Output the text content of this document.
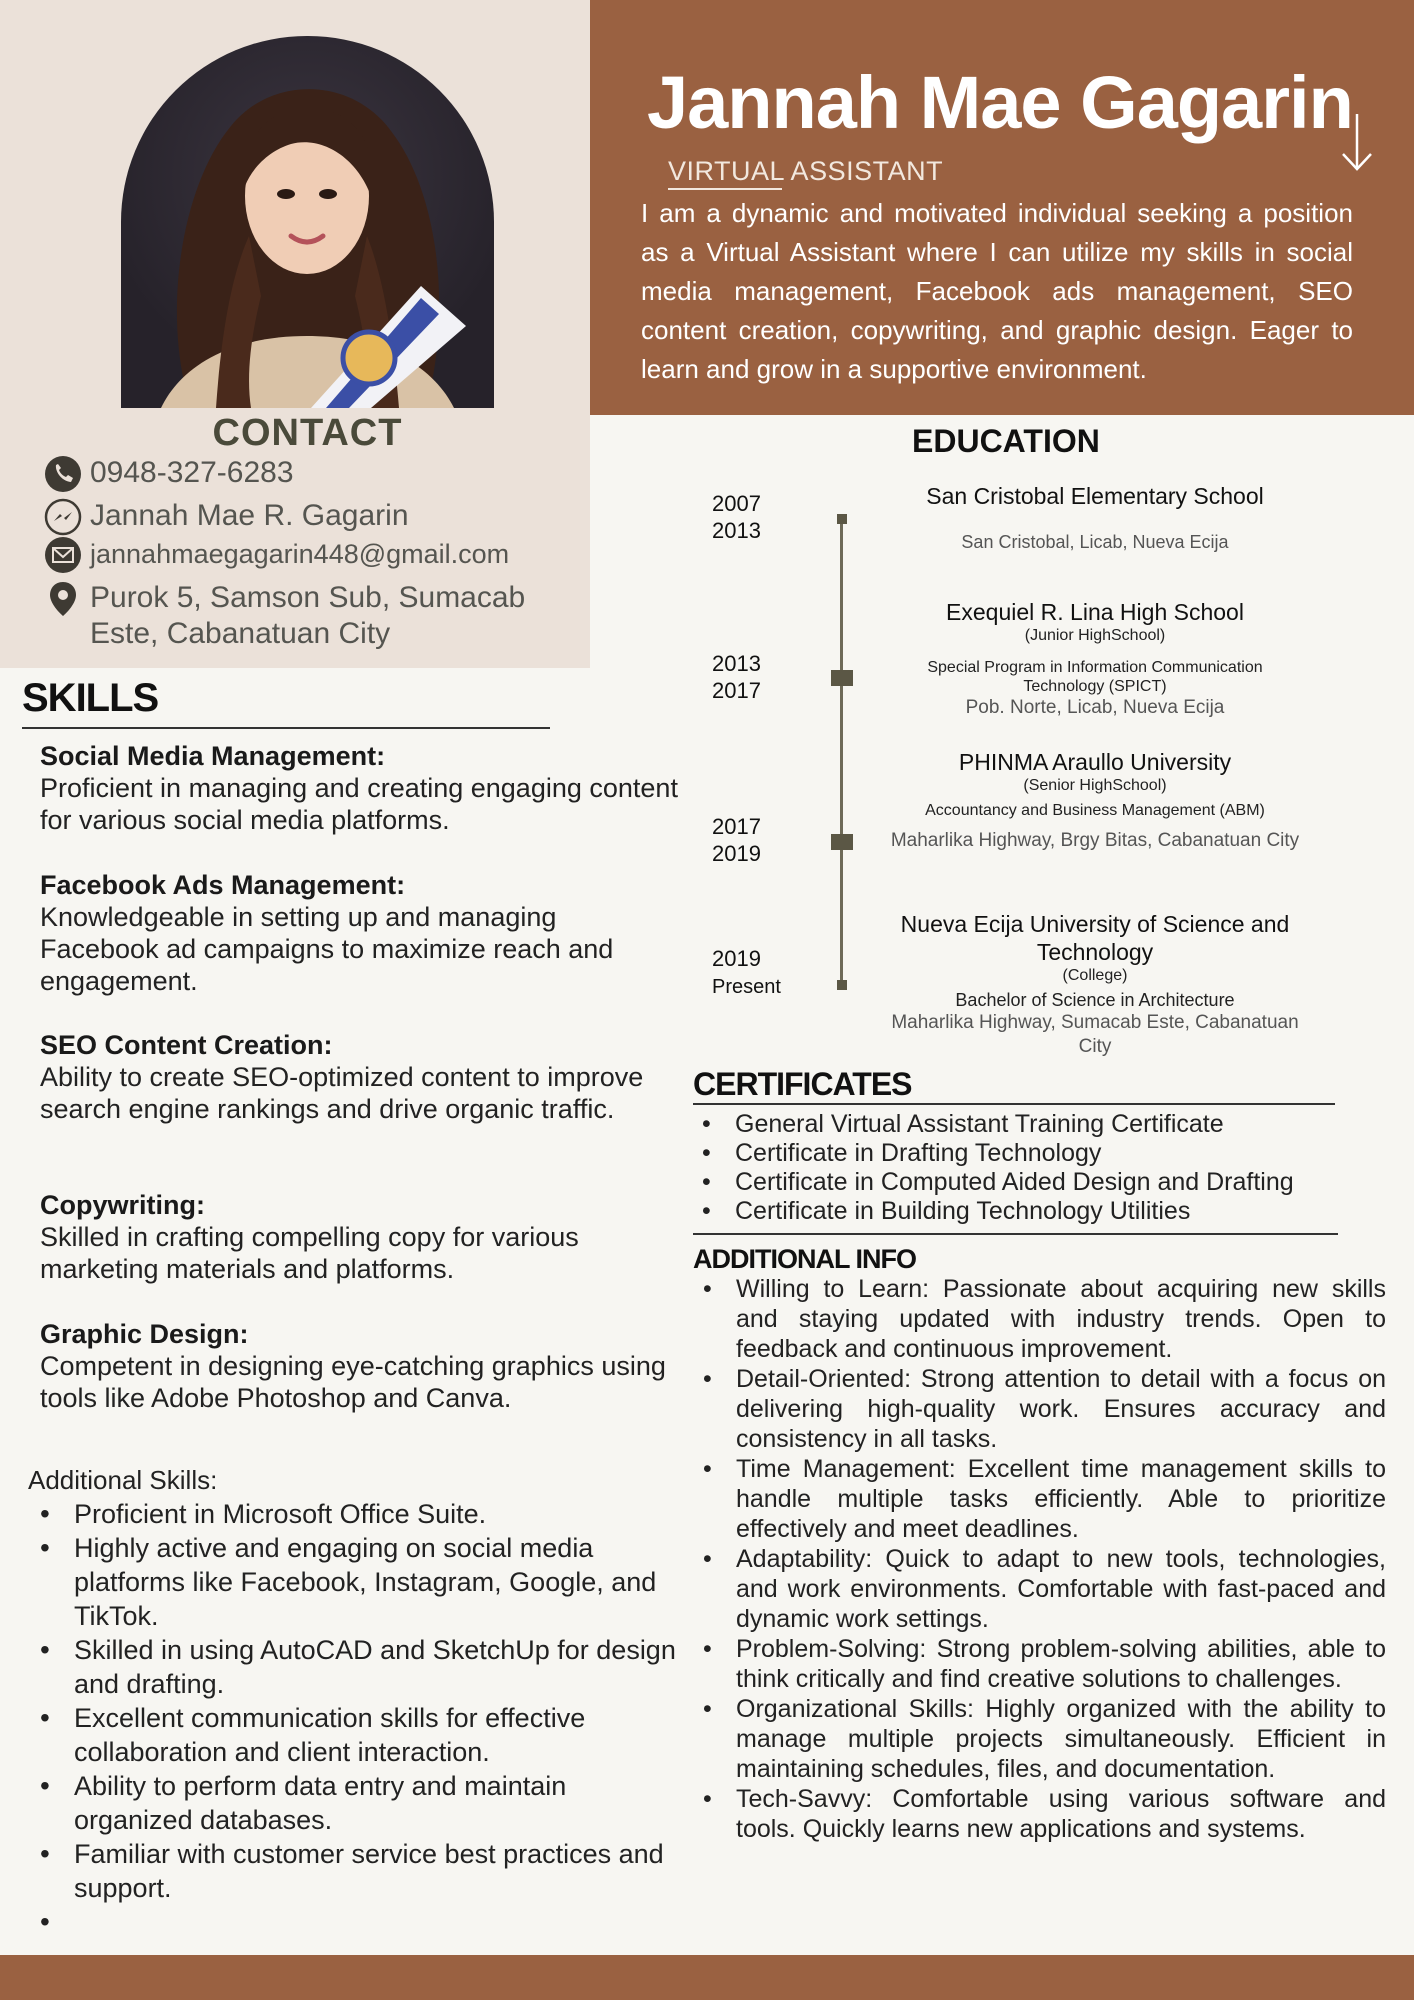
Jannah Mae Gagarin
VIRTUAL ASSISTANT
I am a dynamic and motivated individual seeking a position as a Virtual Assistant where I can utilize my skills in social media management, Facebook ads management, SEO content creation, copywriting, and graphic design. Eager to learn and grow in a supportive environment.
CONTACT
0948-327-6283
Jannah Mae R. Gagarin
jannahmaegagarin448@gmail.com
Purok 5, Samson Sub, Sumacab
Este, Cabanatuan City
SKILLS
Social Media Management:
Proficient in managing and creating engaging content for various social media platforms.
Facebook Ads Management:
Knowledgeable in setting up and managing Facebook ad campaigns to maximize reach and engagement.
SEO Content Creation:
Ability to create SEO-optimized content to improve search engine rankings and drive organic traffic.
Copywriting:
Skilled in crafting compelling copy for various marketing materials and platforms.
Graphic Design:
Competent in designing eye-catching graphics using tools like Adobe Photoshop and Canva.
Additional Skills:
• Proficient in Microsoft Office Suite.
• Highly active and engaging on social media platforms like Facebook, Instagram, Google, and TikTok.
• Skilled in using AutoCAD and SketchUp for design and drafting.
• Excellent communication skills for effective collaboration and client interaction.
• Ability to perform data entry and maintain organized databases.
• Familiar with customer service best practices and support.
•
EDUCATION
2007
2013
2013
2017
2017
2019
2019
Present
San Cristobal Elementary School
San Cristobal, Licab, Nueva Ecija
Exequiel R. Lina High School
(Junior HighSchool)
Special Program in Information Communication
Technology (SPICT)
Pob. Norte, Licab, Nueva Ecija
PHINMA Araullo University
(Senior HighSchool)
Accountancy and Business Management (ABM)
Maharlika Highway, Brgy Bitas, Cabanatuan City
Nueva Ecija University of Science and
Technology
(College)
Bachelor of Science in Architecture
Maharlika Highway, Sumacab Este, Cabanatuan
City
CERTIFICATES
• General Virtual Assistant Training Certificate
• Certificate in Drafting Technology
• Certificate in Computed Aided Design and Drafting
• Certificate in Building Technology Utilities
ADDITIONAL INFO
• Willing to Learn: Passionate about acquiring new skills and staying updated with industry trends. Open to feedback and continuous improvement.
• Detail-Oriented: Strong attention to detail with a focus on delivering high-quality work. Ensures accuracy and consistency in all tasks.
• Time Management: Excellent time management skills to handle multiple tasks efficiently. Able to prioritize effectively and meet deadlines.
• Adaptability: Quick to adapt to new tools, technologies, and work environments. Comfortable with fast-paced and dynamic work settings.
• Problem-Solving: Strong problem-solving abilities, able to think critically and find creative solutions to challenges.
• Organizational Skills: Highly organized with the ability to manage multiple projects simultaneously. Efficient in maintaining schedules, files, and documentation.
• Tech-Savvy: Comfortable using various software and tools. Quickly learns new applications and systems.
